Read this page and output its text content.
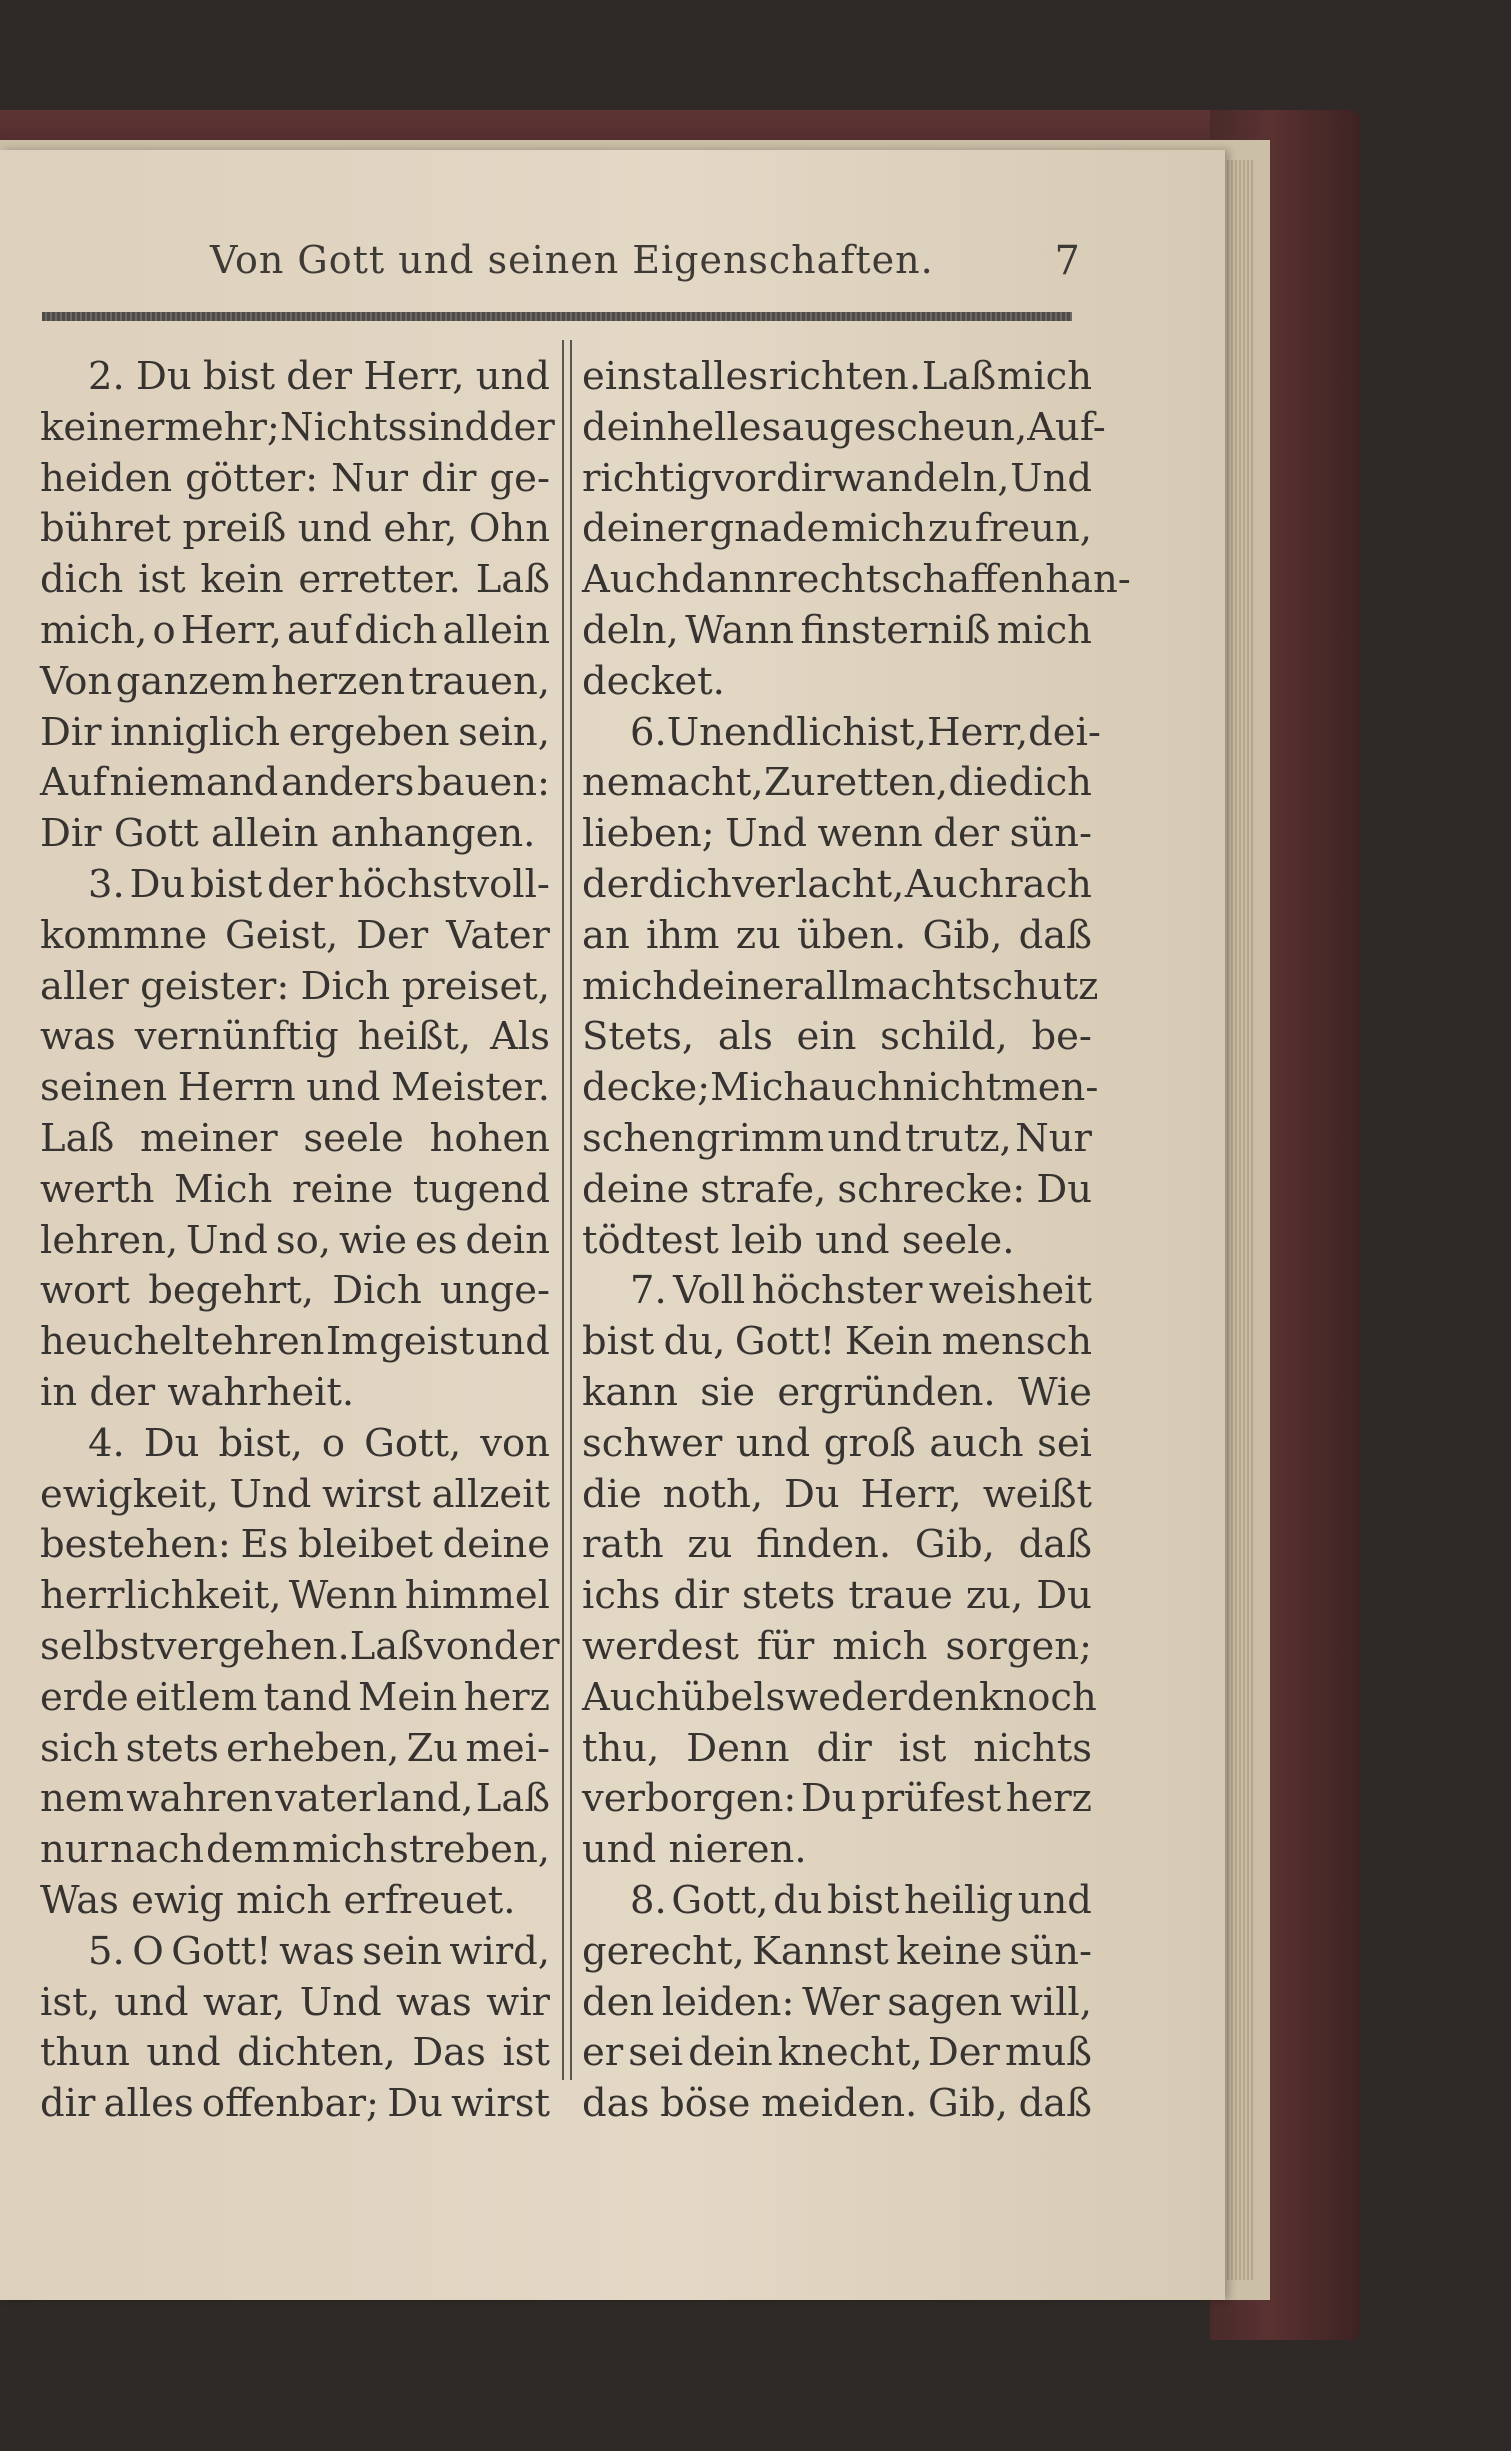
Von Gott und seinen Eigenschaften.	7
2. Du bist der Herr, und
keiner mehr; Nichts sind der
heiden götter: Nur dir ge-
bühret preiß und ehr, Ohn
dich ist kein erretter. Laß
mich, o Herr, auf dich allein
Von ganzem herzen trauen,
Dir inniglich ergeben sein,
Auf niemand anders bauen:
Dir Gott allein anhangen.
3. Du bist der höchstvoll-
kommne Geist, Der Vater
aller geister: Dich preiset,
was vernünftig heißt, Als
seinen Herrn und Meister.
Laß meiner seele hohen
werth Mich reine tugend
lehren, Und so, wie es dein
wort begehrt, Dich unge-
heuchelt ehren Im geist und
in der wahrheit.
4. Du bist, o Gott, von
ewigkeit, Und wirst allzeit
bestehen: Es bleibet deine
herrlichkeit, Wenn himmel
selbst vergehen. Laß von der
erde eitlem tand Mein herz
sich stets erheben, Zu mei-
nem wahren vaterland, Laß
nur nach dem mich streben,
Was ewig mich erfreuet.
5. O Gott! was sein wird,
ist, und war, Und was wir
thun und dichten, Das ist
dir alles offenbar; Du wirst
einst alles richten. Laß mich
dein helles auge scheun, Auf-
richtig vor dir wandeln, Und
deiner gnade mich zu freun,
Auch dann rechtschaffen han-
deln, Wann finsterniß mich
decket.
6. Unendlich ist, Herr, dei-
ne macht, Zu retten, die dich
lieben; Und wenn der sün-
der dich verlacht, Auch rach
an ihm zu üben. Gib, daß
mich deiner allmacht schutz
Stets, als ein schild, be-
decke; Mich auch nicht men-
schengrimm und trutz, Nur
deine strafe, schrecke: Du
tödtest leib und seele.
7. Voll höchster weisheit
bist du, Gott! Kein mensch
kann sie ergründen. Wie
schwer und groß auch sei
die noth, Du Herr, weißt
rath zu finden. Gib, daß
ichs dir stets traue zu, Du
werdest für mich sorgen;
Auch übels weder denk noch
thu, Denn dir ist nichts
verborgen: Du prüfest herz
und nieren.
8. Gott, du bist heilig und
gerecht, Kannst keine sün-
den leiden: Wer sagen will,
er sei dein knecht, Der muß
das böse meiden. Gib, daß
